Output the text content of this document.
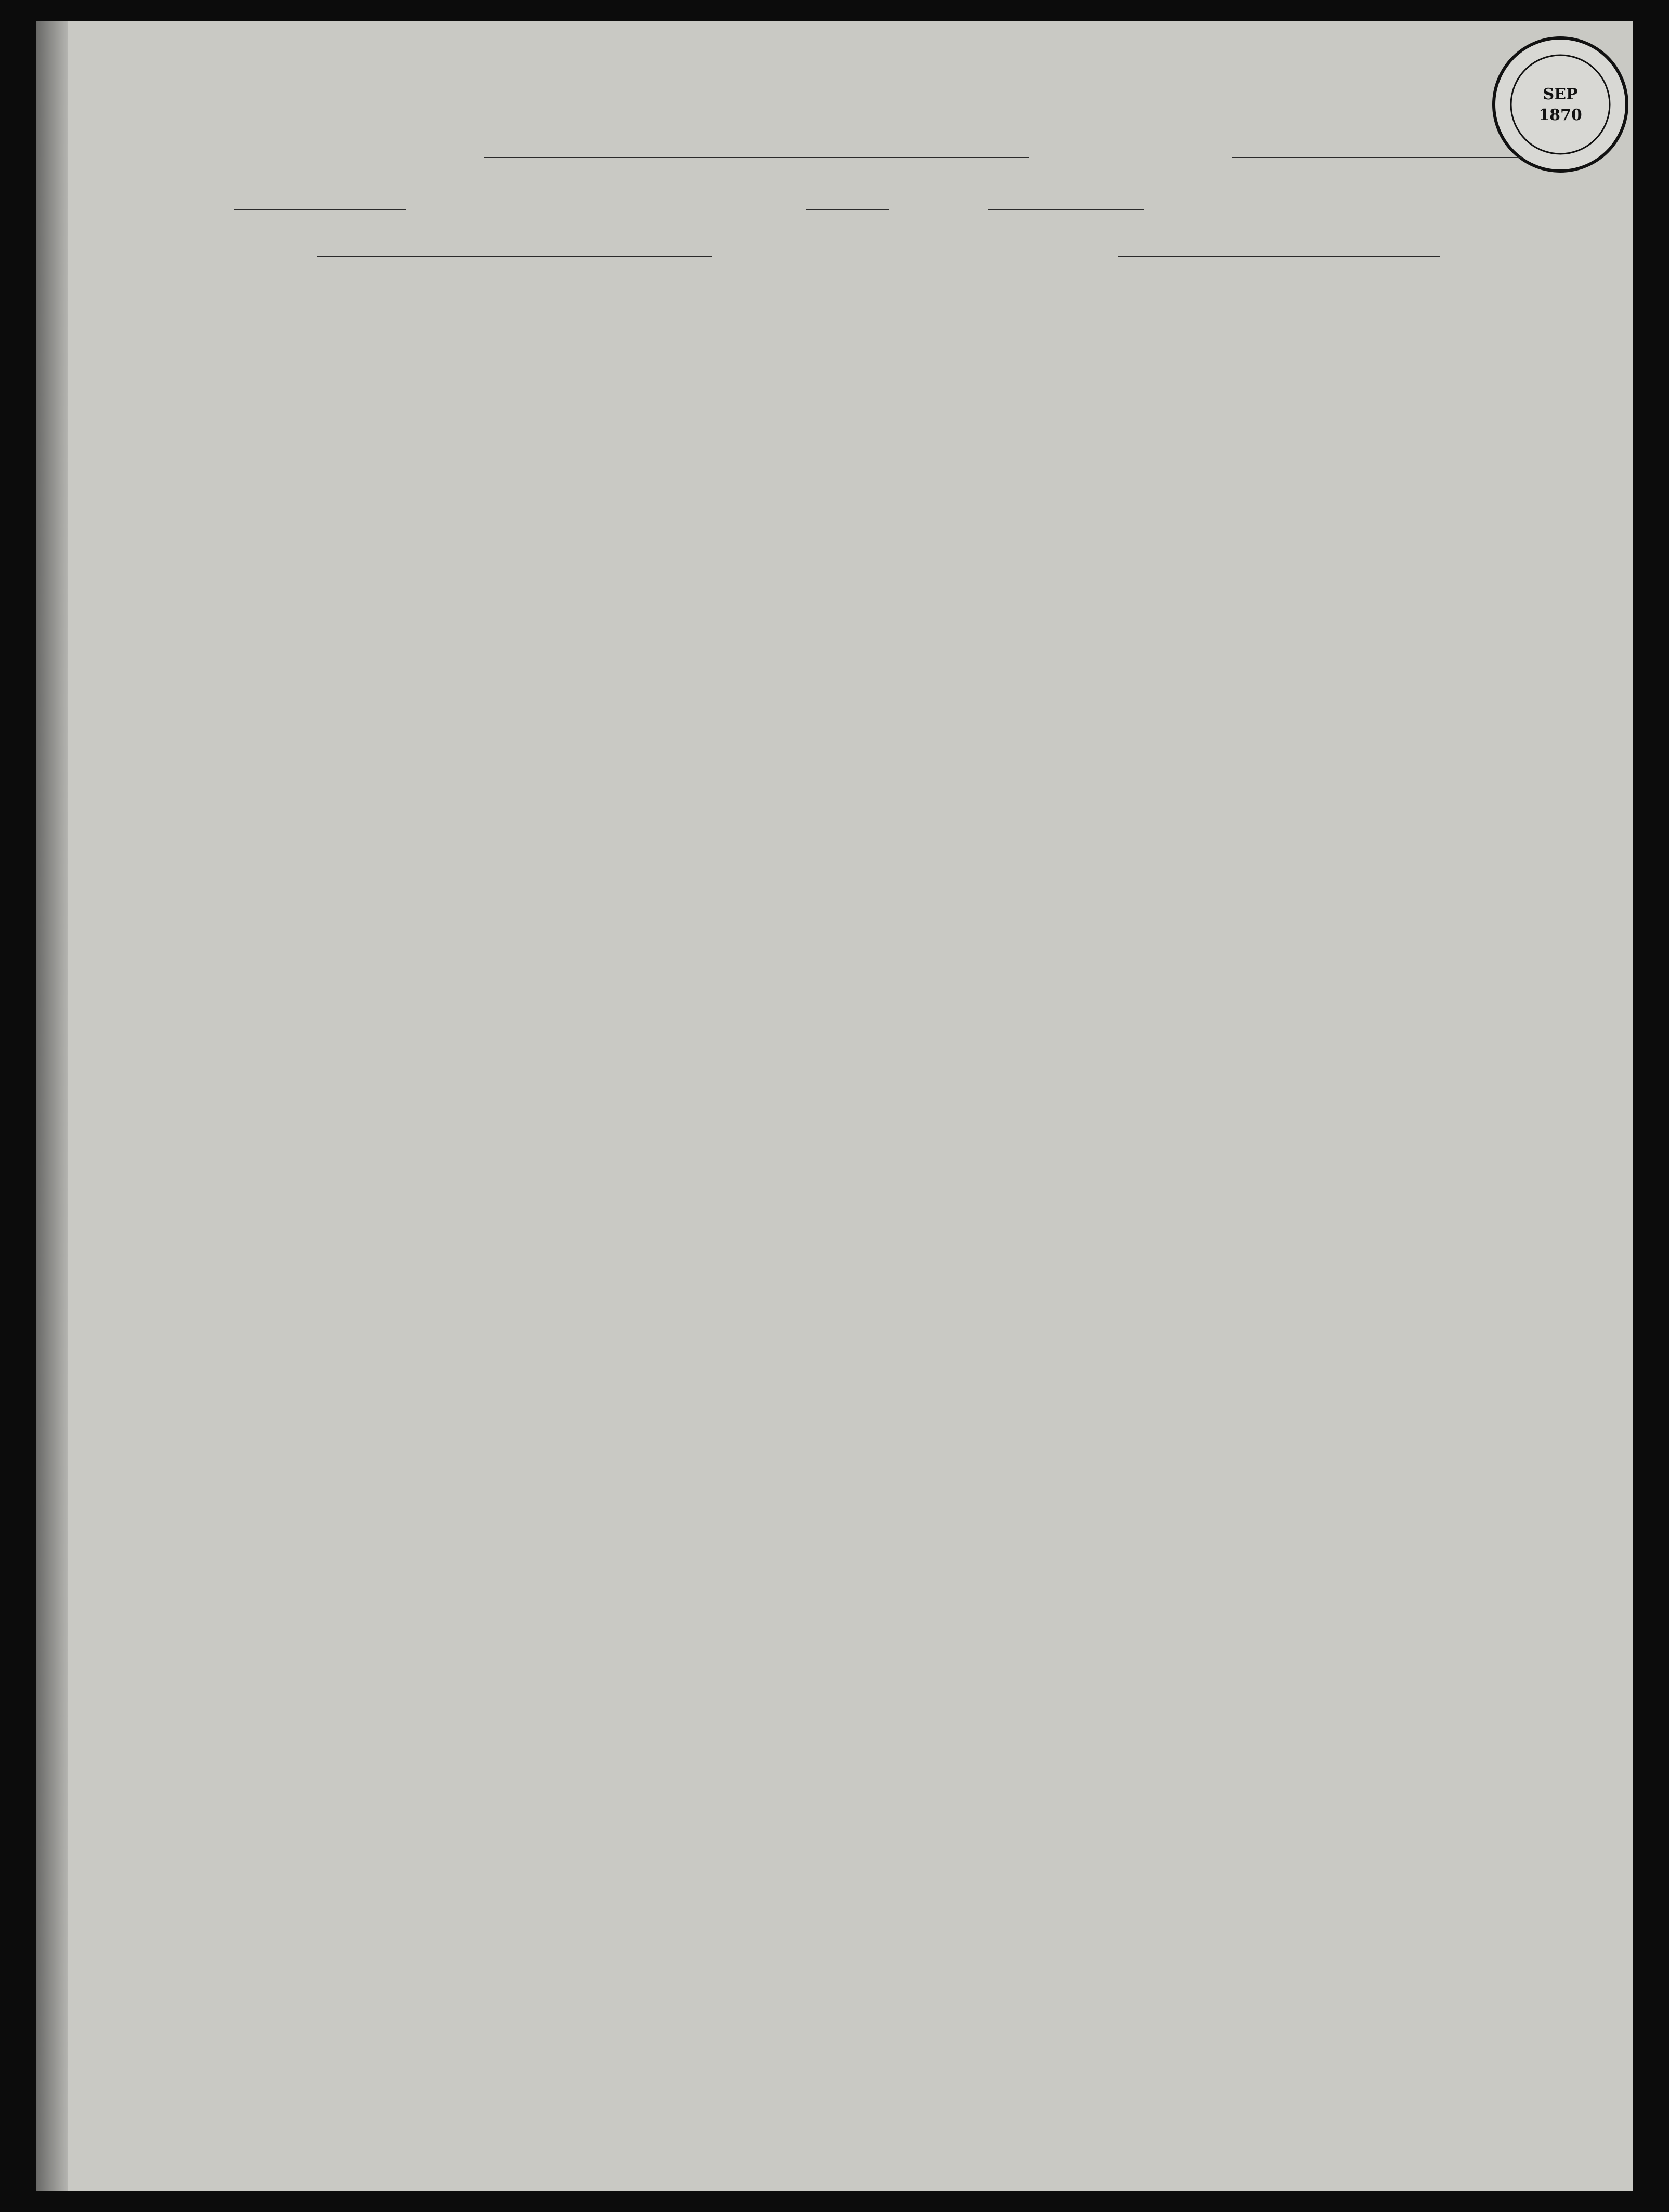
SEP
1870
